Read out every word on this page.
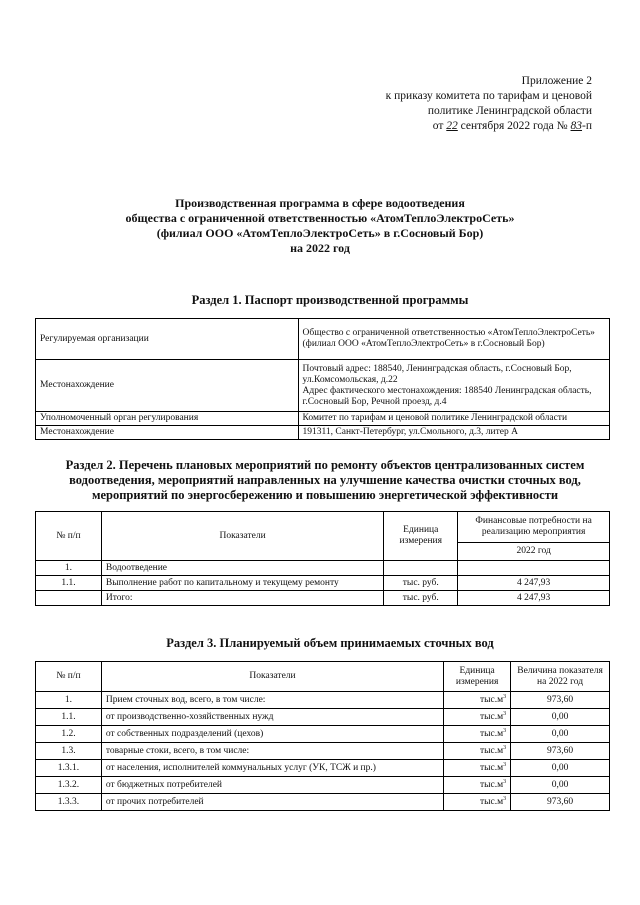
Приложение 2
к приказу комитета по тарифам и ценовой
политике Ленинградской области
от 22 сентября 2022 года № 83-п
Производственная программа в сфере водоотведения
общества с ограниченной ответственностью «АтомТеплоЭлектроСеть»
(филиал ООО «АтомТеплоЭлектроСеть» в г.Сосновый Бор)
на 2022 год
Раздел 1. Паспорт производственной программы
Регулируемая организации	Общество с ограниченной ответственностью «АтомТеплоЭлектроСеть» (филиал ООО «АтомТеплоЭлектроСеть» в г.Сосновый Бор)
Местонахождение	Почтовый адрес: 188540, Ленинградская область, г.Сосновый Бор, ул.Комсомольская, д.22
Адрес фактического местонахождения: 188540 Ленинградская область, г.Сосновый Бор, Речной проезд, д.4

Уполномоченный орган регулирования	Комитет по тарифам и ценовой политике Ленинградской области
Местонахождение	191311, Санкт-Петербург, ул.Смольного, д.3, литер А
Раздел 2. Перечень плановых мероприятий по ремонту объектов централизованных систем
водоотведения, мероприятий направленных на улучшение качества очистки сточных вод,
мероприятий по энергосбережению и повышению энергетической эффективности
№ п/п	Показатели	Единица измерения	Финансовые потребности на реализацию мероприятия
			2022 год
1.	Водоотведение		
1.1.	Выполнение работ по капитальному и текущему ремонту	тыс. руб.	4 247,93
	Итого:	тыс. руб.	4 247,93
Раздел 3. Планируемый объем принимаемых сточных вод
№ п/п	Показатели	Единица измерения	Величина показателя на 2022 год
1.	Прием сточных вод, всего, в том числе:	$тыс.м^3$	973,60
1.1.	от производственно-хозяйственных нужд	$тыс.м^3$	0,00
1.2.	от собственных подразделений (цехов)	$тыс.м^3$	0,00
1.3.	товарные стоки, всего, в том числе:	$тыс.м^3$	973,60
1.3.1.	от населения, исполнителей коммунальных услуг (УК, ТСЖ и пр.)	$тыс.м^3$	0,00
1.3.2.	от бюджетных потребителей	$тыс.м^3$	0,00
1.3.3.	от прочих потребителей	$тыс.м^3$	973,60
